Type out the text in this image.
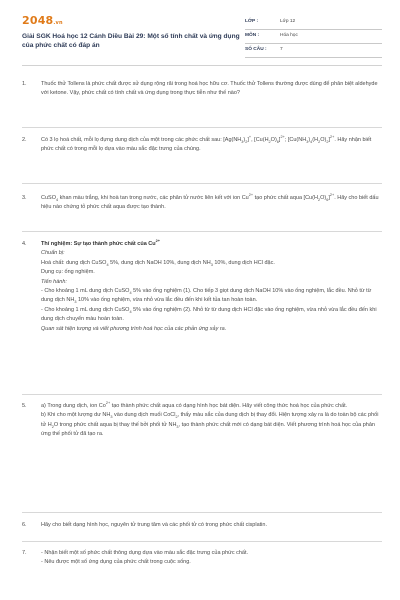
2048.vn
Giải SGK Hoá học 12 Cánh Diều Bài 29: Một số tính chất và ứng dụng của phức chất có đáp án
LỚP :	Lớp 12
MÔN :	Hóa học
SỐ CÂU :	7
1.	Thuốc thử Tollens là phức chất được sử dụng rộng rãi trong hoá học hữu cơ. Thuốc thử Tollens thường được dùng để phân biệt aldehyde với ketone. Vậy, phức chất có tính chất và ứng dụng trong thực tiễn như thế nào?

2.	Có 3 lọ hoá chất, mỗi lọ đựng dung dịch của một trong các phức chất sau: $[Ag(NH_3)_2]^+$, $[Cu(H_2O)_6]^{2+}$; $[Cu(NH_3)_4(H_2O)_2]^{2+}$. Hãy nhận biết phức chất có trong mỗi lọ dựa vào màu sắc đặc trưng của chúng.

3.	CuSO$_4$ khan màu trắng, khi hoà tan trong nước, các phân tử nước liên kết với ion $Cu^{2+}$ tạo phức chất aqua $[Cu(H_2O)_6]^{2+}$. Hãy cho biết dấu hiệu nào chứng tỏ phức chất aqua được tạo thành.

4.	Thí nghiệm: Sự tạo thành phức chất của $Cu^{2+}$

Chuẩn bị:

Hoá chất: dung dịch CuSO$_4$ 5%, dung dịch NaOH 10%, dung dịch $NH_3$ 10%, dung dịch HCl đặc.

Dụng cụ: ống nghiệm.

Tiến hành:

- Cho khoảng 1 mL dung dịch CuSO$_4$ 5% vào ống nghiệm (1). Cho tiếp 3 giọt dung dịch NaOH 10% vào ống nghiệm, lắc đều. Nhỏ từ từ dung dịch $NH_3$ 10% vào ống nghiệm, vừa nhỏ vừa lắc đều đến khi kết tủa tan hoàn toàn.

- Cho khoảng 1 mL dung dịch CuSO$_4$ 5% vào ống nghiệm (2). Nhỏ từ từ dung dịch HCl đặc vào ống nghiệm, vừa nhỏ vừa lắc đều đến khi dung dịch chuyển màu hoàn toàn.

Quan sát hiện tượng và viết phương trình hoá học của các phản ứng xảy ra.

5.	a) Trong dung dịch, ion $Co^{2+}$ tạo thành phức chất aqua có dạng hình học bát diện. Hãy viết công thức hoá học của phức chất.

b) Khi cho một lượng dư $NH_3$ vào dung dịch muối CoCl$_2$, thấy màu sắc của dung dịch bị thay đổi. Hiện tượng xảy ra là do toàn bộ các phối tử $H_2O$ trong phức chất aqua bị thay thế bởi phối tử $NH_3$, tạo thành phức chất mới có dạng bát diện. Viết phương trình hoá học của phản ứng thế phối tử đã tạo ra.

6.	Hãy cho biết dạng hình học, nguyên tử trung tâm và các phối tử có trong phức chất cisplatin.

7.	- Nhận biết một số phức chất thông dụng dựa vào màu sắc đặc trưng của phức chất.

- Nêu được một số ứng dụng của phức chất trong cuộc sống.
